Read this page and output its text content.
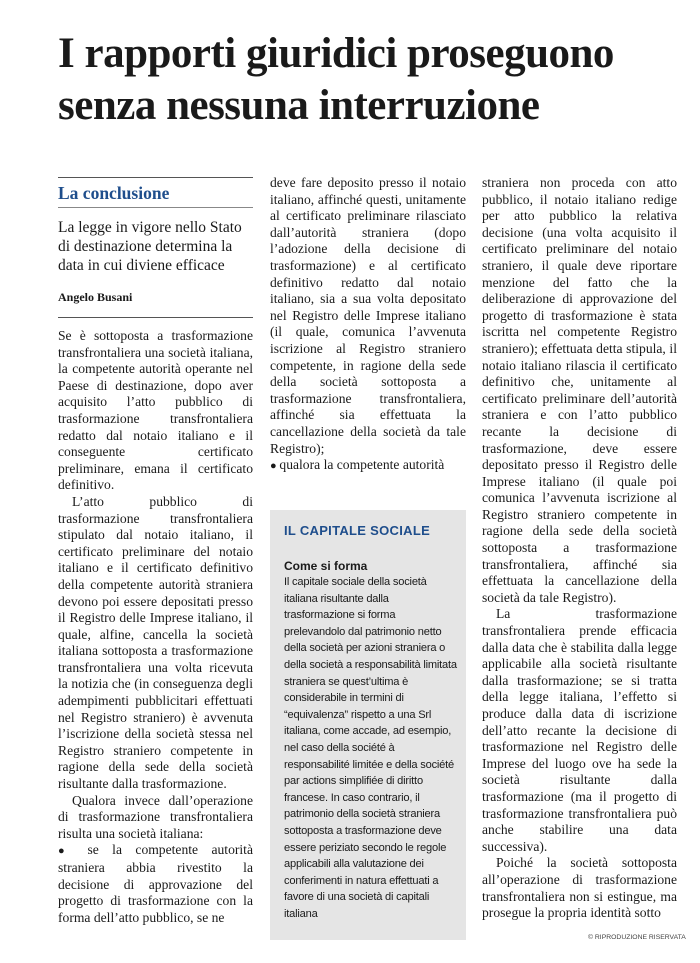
I rapporti giuridici proseguono senza nessuna interruzione
La conclusione
La legge in vigore nello Stato di destinazione determina la data in cui diviene efficace
Angelo Busani

Se è sottoposta a trasformazione transfrontaliera una società italiana, la competente autorità operante nel Paese di destinazione, dopo aver acquisito l’atto pubblico di trasformazione transfrontaliera redatto dal notaio italiano e il conseguente certificato preliminare, emana il certificato definitivo.

L’atto pubblico di trasformazione transfrontaliera stipulato dal notaio italiano, il certificato preliminare del notaio italiano e il certificato definitivo della competente autorità straniera devono poi essere depositati presso il Registro delle Imprese italiano, il quale, alfine, cancella la società italiana sottoposta a trasformazione transfrontaliera una volta ricevuta la notizia che (in conseguenza degli adempimenti pubblicitari effettuati nel Registro straniero) è avvenuta l’iscrizione della società stessa nel Registro straniero competente in ragione della sede della società risultante dalla trasformazione.

Qualora invece dall’operazione di trasformazione transfrontaliera risulta una società italiana:

● se la competente autorità straniera abbia rivestito la decisione di approvazione del progetto di trasformazione con la forma dell’atto pubblico, se ne

deve fare deposito presso il notaio italiano, affinché questi, unitamente al certificato preliminare rilasciato dall’autorità straniera (dopo l’adozione della decisione di trasformazione) e al certificato definitivo redatto dal notaio italiano, sia a sua volta depositato nel Registro delle Imprese italiano (il quale, comunica l’avvenuta iscrizione al Registro straniero competente, in ragione della sede della società sottoposta a trasformazione transfrontaliera, affinché sia effettuata la cancellazione della società da tale Registro);

● qualora la competente autorità

IL CAPITALE SOCIALE
Come si forma

Il capitale sociale della società italiana risultante dalla trasformazione si forma prelevandolo dal patrimonio netto della società per azioni straniera o della società a responsabilità limitata straniera se quest’ultima è considerabile in termini di “equivalenza” rispetto a una Srl italiana, come accade, ad esempio, nel caso della société à responsabilité limitée e della société par actions simplifiée di diritto francese. In caso contrario, il patrimonio della società straniera sottoposta a trasformazione deve essere periziato secondo le regole applicabili alla valutazione dei conferimenti in natura effettuati a favore di una società di capitali italiana

straniera non proceda con atto pubblico, il notaio italiano redige per atto pubblico la relativa decisione (una volta acquisito il certificato preliminare del notaio straniero, il quale deve riportare menzione del fatto che la deliberazione di approvazione del progetto di trasformazione è stata iscritta nel competente Registro straniero); effettuata detta stipula, il notaio italiano rilascia il certificato definitivo che, unitamente al certificato preliminare dell’autorità straniera e con l’atto pubblico recante la decisione di trasformazione, deve essere depositato presso il Registro delle Imprese italiano (il quale poi comunica l’avvenuta iscrizione al Registro straniero competente in ragione della sede della società sottoposta a trasformazione transfrontaliera, affinché sia effettuata la cancellazione della società da tale Registro).

La trasformazione transfrontaliera prende efficacia dalla data che è stabilita dalla legge applicabile alla società risultante dalla trasformazione; se si tratta della legge italiana, l’effetto si produce dalla data di iscrizione dell’atto recante la decisione di trasformazione nel Registro delle Imprese del luogo ove ha sede la società risultante dalla trasformazione (ma il progetto di trasformazione transfrontaliera può anche stabilire una data successiva).

Poiché la società sottoposta all’operazione di trasformazione transfrontaliera non si estingue, ma prosegue la propria identità sotto

© RIPRODUZIONE RISERVATA
